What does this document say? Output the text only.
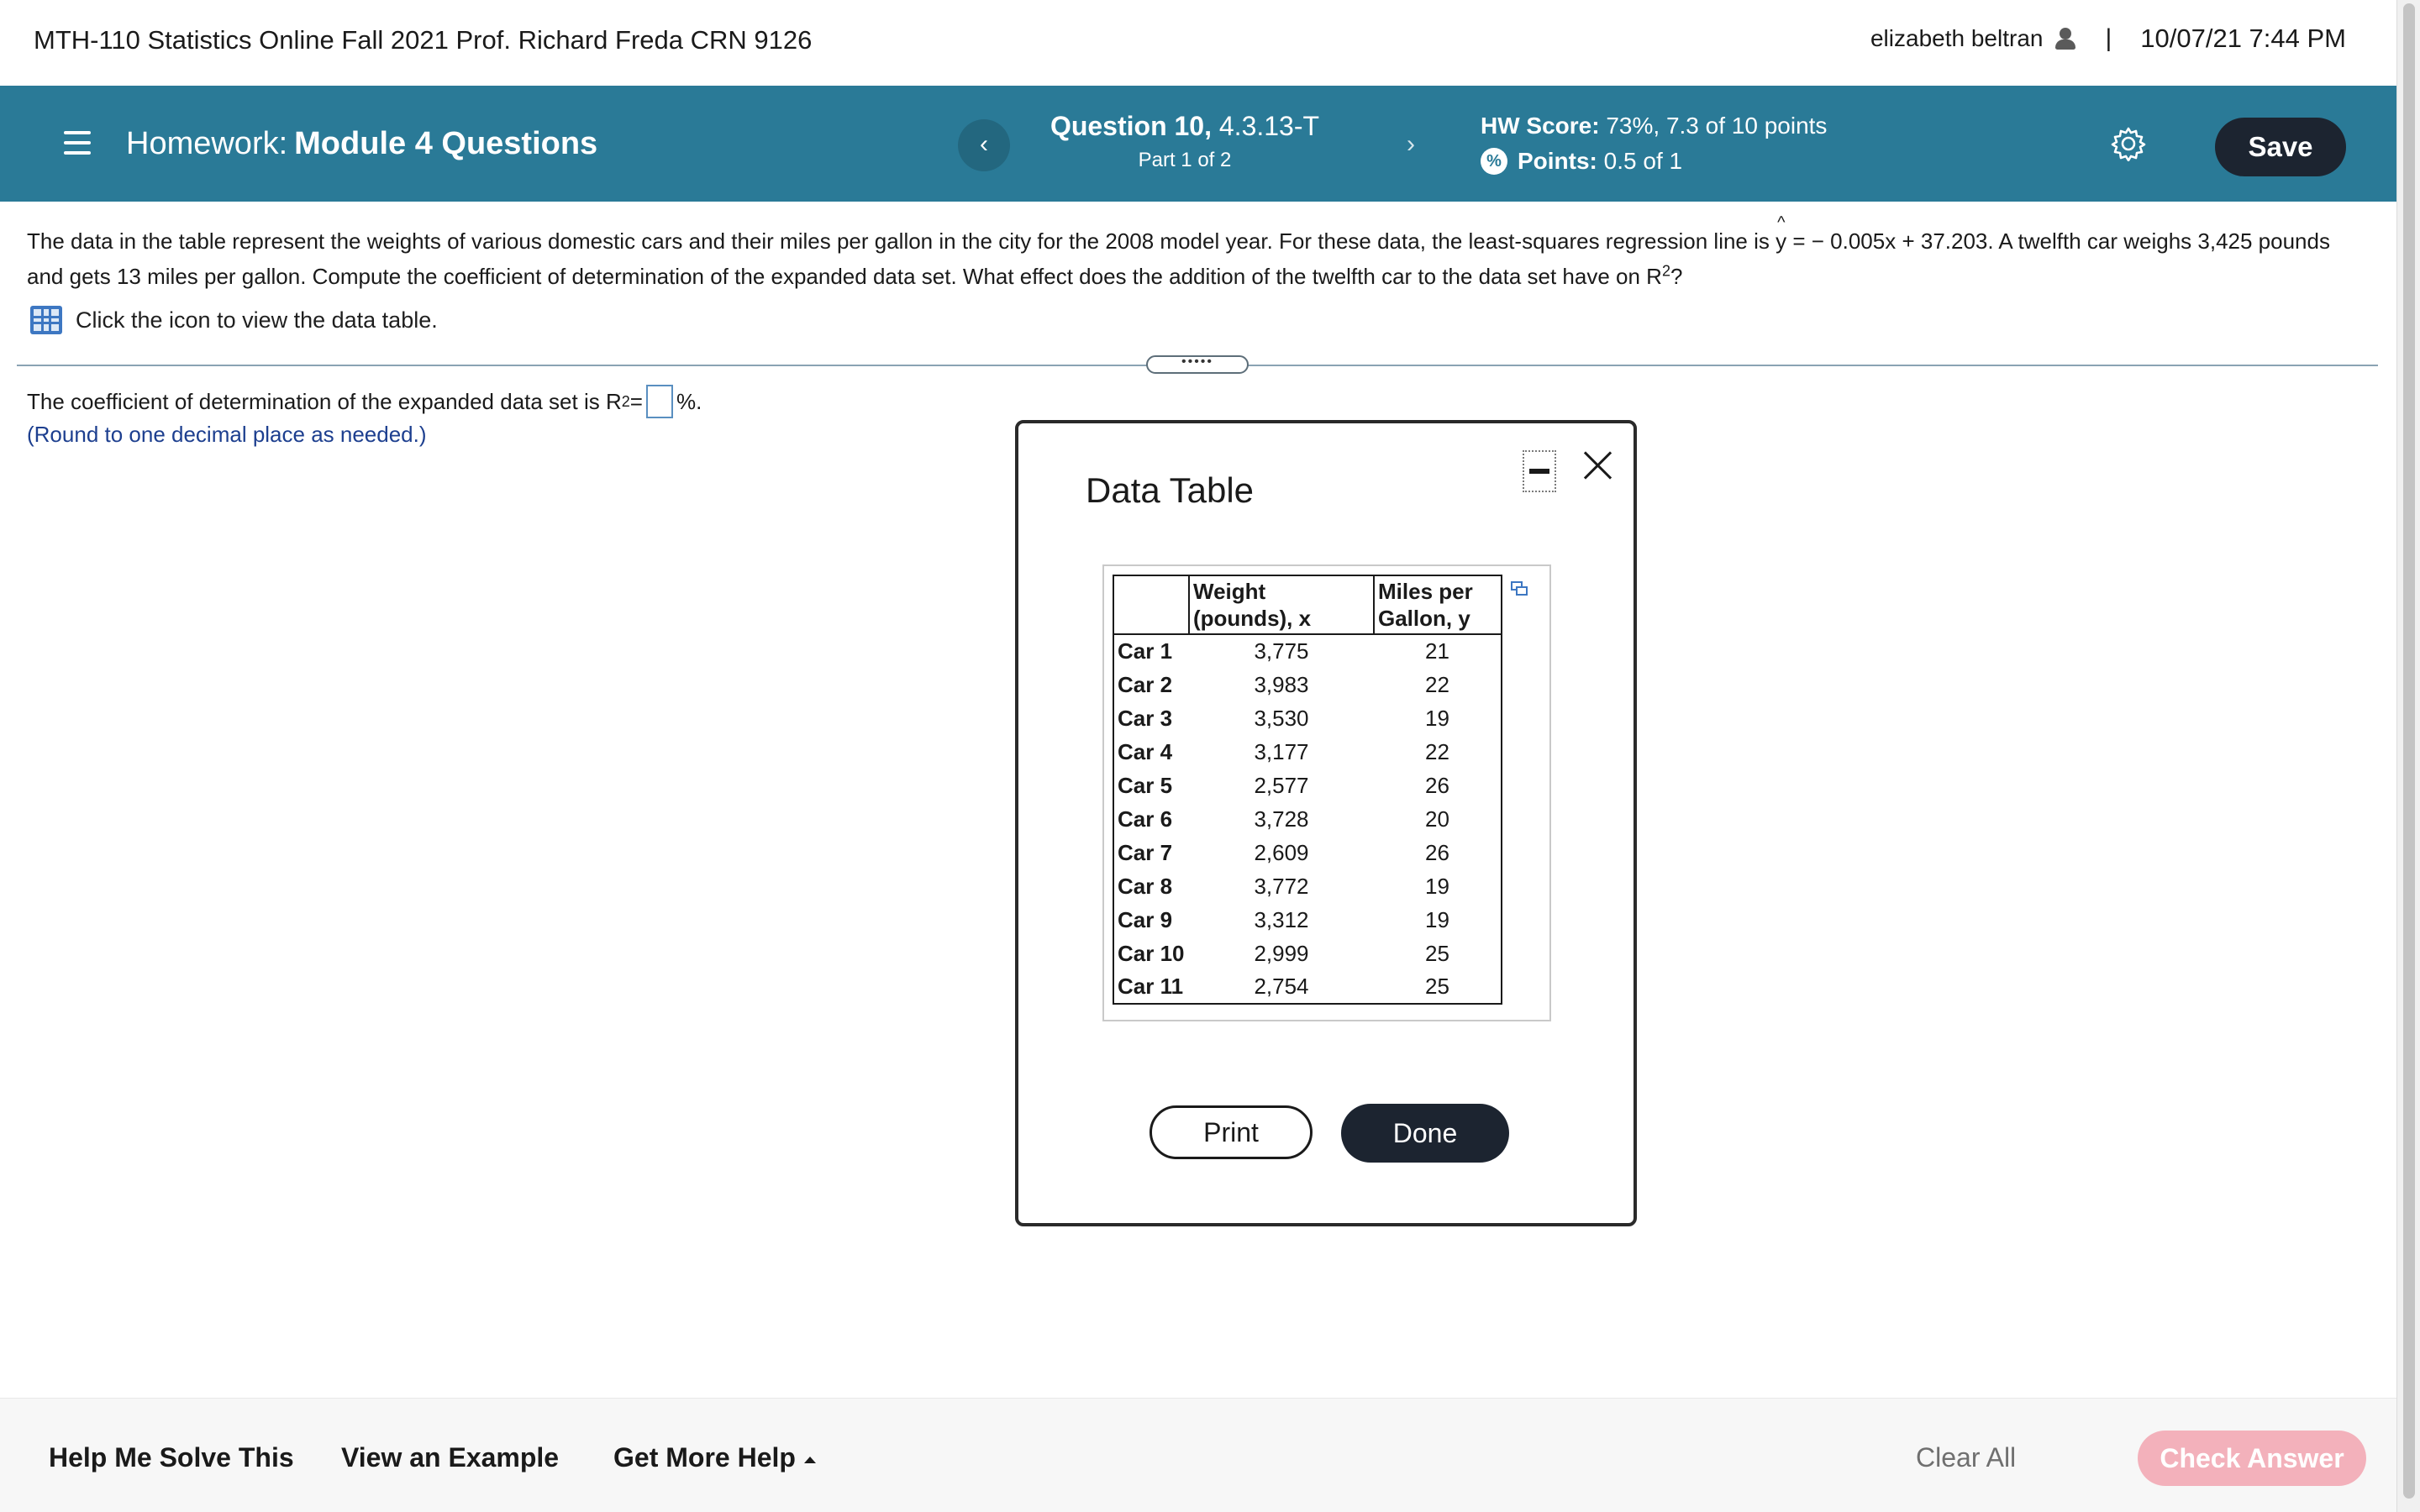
MTH-110 Statistics Online Fall 2021 Prof. Richard Freda CRN 9126	elizabeth beltran | 10/07/21 7:44 PM
Homework: Module 4 Questions	‹
Question 10, 4.3.13-T
Part 1 of 2
›
HW Score: 73%, 7.3 of 10 points
% Points:
0.5 of 1	Save
The data in the table represent the weights of various domestic cars and their miles per gallon in the city for the 2008 model year. For these data, the least-squares regression line is ^ y = − 0.005x + 37.203. A twelfth car weighs 3,425 pounds
and gets 13 miles per gallon. Compute the coefficient of determination of the expanded data set. What effect does the addition of the twelfth car to the data set have on $R^2$?
Click the icon to view the data table.
•••••
The coefficient of determination of the expanded data set is R 2 = %.
(Round to one decimal place as needed.)
Data Table
	Weight (pounds), x	Miles per Gallon, y
Car 1	3,775	21
Car 2	3,983	22
Car 3	3,530	19
Car 4	3,177	22
Car 5	2,577	26
Car 6	3,728	20
Car 7	2,609	26
Car 8	3,772	19
Car 9	3,312	19
Car 10	2,999	25
Car 11	2,754	25
Print	Done
Help Me Solve This View an Example Get More Help	Clear All	Check Answer
